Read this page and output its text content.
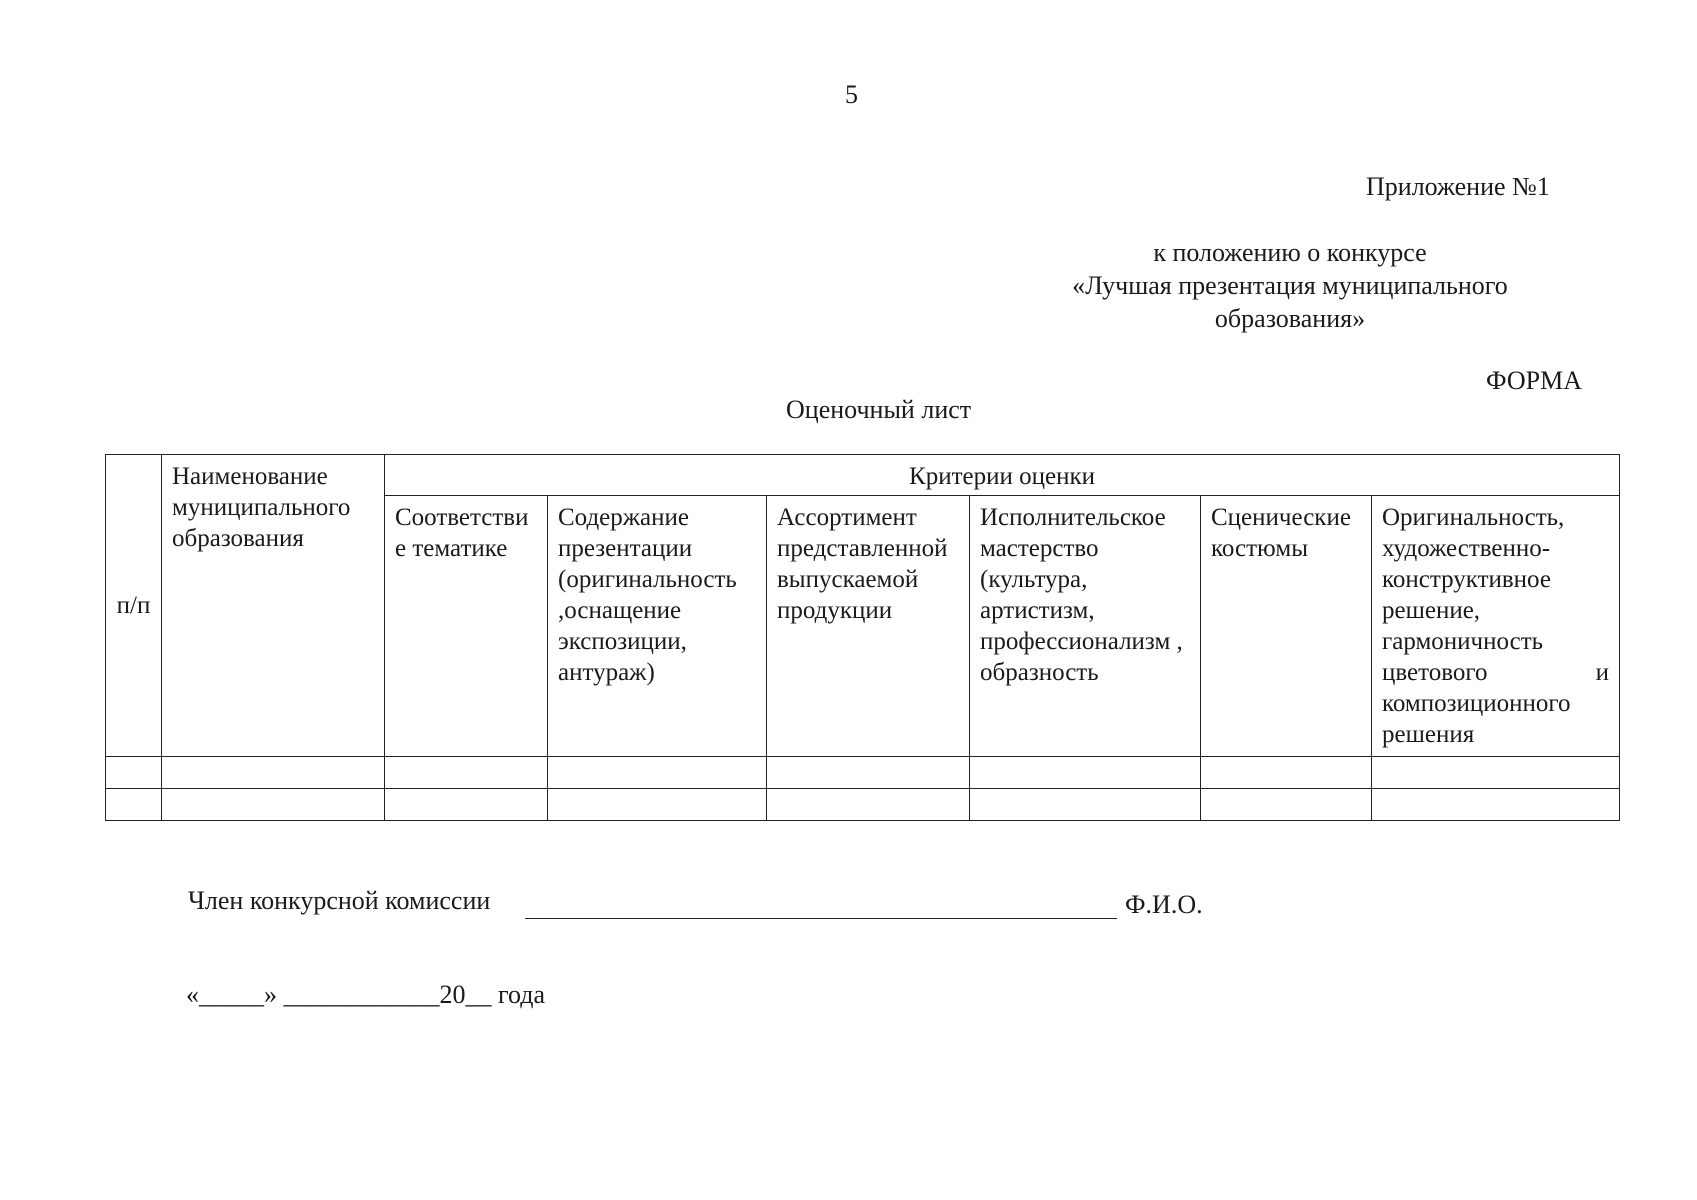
5
Приложение №1
к положению о конкурсе
«Лучшая презентация муниципального
образования»
ФОРМА
Оценочный лист
п/п	Наименование муниципального образования	Критерии оценки					
		Соответствие тематике	Содержание презентации (оригинальность ,оснащение экспозиции, антураж)	Ассортимент представленной выпускаемой продукции	Исполнительское мастерство (культура, артистизм, профессионализм , образность	Сценические костюмы	Оригинальность, художественно-конструктивное решение, гармоничность
цветового и
композиционного решения

Член конкурсной комиссии	Ф.И.О.
«_____» ____________20__ года
